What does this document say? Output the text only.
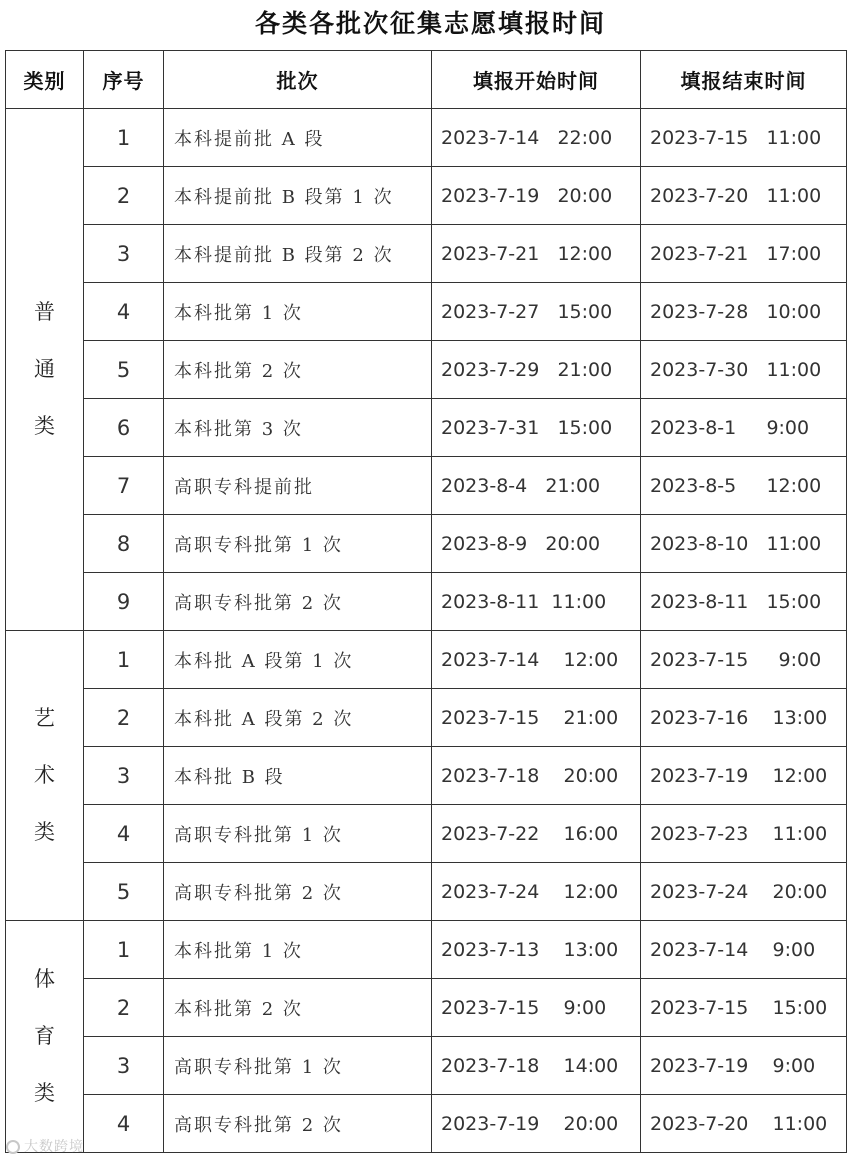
各类各批次征集志愿填报时间
类别	序号	批次	填报开始时间	填报结束时间

普通类	1	本科提前批 A 段	2023-7-14   22:00	2023-7-15   11:00
	2	本科提前批 B 段第 1 次	2023-7-19   20:00	2023-7-20   11:00
	3	本科提前批 B 段第 2 次	2023-7-21   12:00	2023-7-21   17:00
	4	本科批第 1 次	2023-7-27   15:00	2023-7-28   10:00
	5	本科批第 2 次	2023-7-29   21:00	2023-7-30   11:00
	6	本科批第 3 次	2023-7-31   15:00	2023-8-1     9:00
	7	高职专科提前批	2023-8-4   21:00	2023-8-5     12:00
	8	高职专科批第 1 次	2023-8-9   20:00	2023-8-10   11:00
	9	高职专科批第 2 次	2023-8-11  11:00	2023-8-11   15:00

艺术类	1	本科批 A 段第 1 次	2023-7-14    12:00	2023-7-15     9:00
	2	本科批 A 段第 2 次	2023-7-15    21:00	2023-7-16    13:00
	3	本科批 B 段	2023-7-18    20:00	2023-7-19    12:00
	4	高职专科批第 1 次	2023-7-22    16:00	2023-7-23    11:00
	5	高职专科批第 2 次	2023-7-24    12:00	2023-7-24    20:00

体育类	1	本科批第 1 次	2023-7-13    13:00	2023-7-14    9:00
	2	本科批第 2 次	2023-7-15    9:00	2023-7-15    15:00
	3	高职专科批第 1 次	2023-7-18    14:00	2023-7-19    9:00
	4	高职专科批第 2 次	2023-7-19    20:00	2023-7-20    11:00
大数跨境
